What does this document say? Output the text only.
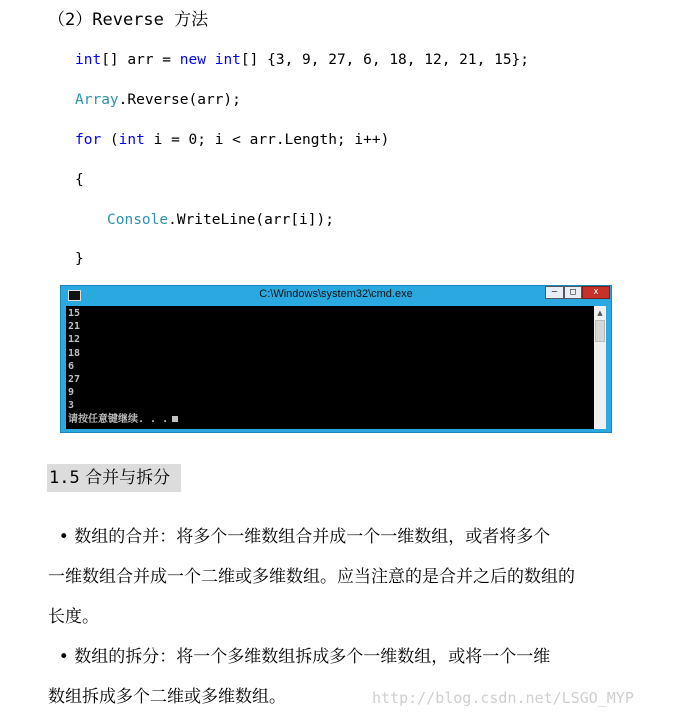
（2）Reverse 方法
int[] arr = new int[] {3, 9, 27, 6, 18, 12, 21, 15};
Array.Reverse(arr);
for (int i = 0; i < arr.Length; i++)
{
Console.WriteLine(arr[i]);
}
C:\Windows\system32\cmd.exe	–	□	x
15
21
12
18
6
27
9
3
请按任意键继续. . .
▲
1.5 合并与拆分
• 数组的合并：将多个一维数组合并成一个一维数组，或者将多个
一维数组合并成一个二维或多维数组。应当注意的是合并之后的数组的
长度。
• 数组的拆分：将一个多维数组拆成多个一维数组，或将一个一维
数组拆成多个二维或多维数组。	http://blog.csdn.net/LSGO_MYP
